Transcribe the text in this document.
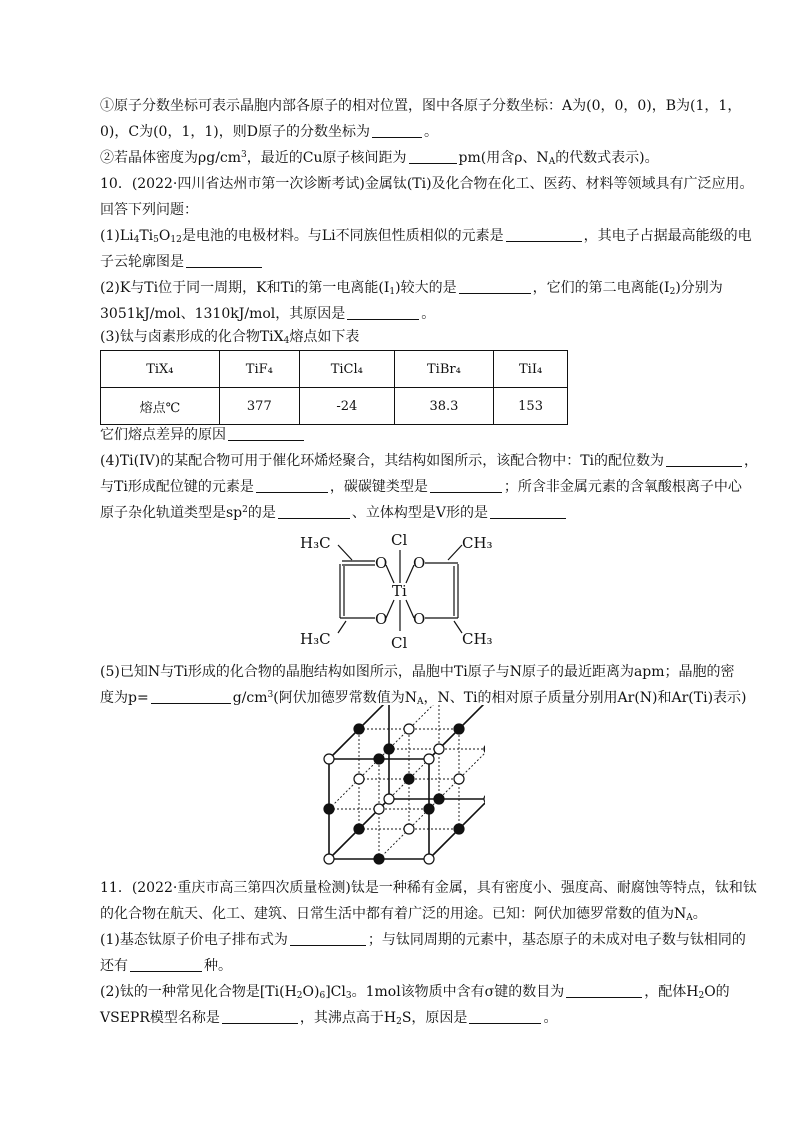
①原子分数坐标可表示晶胞内部各原子的相对位置，图中各原子分数坐标：A为(0，0，0)，B为(1，1，
0)，C为(0，1，1)，则D原子的分数坐标为	。
②若晶体密度为$\rho g/cm^3$，最近的Cu原子核间距为	pm(用含ρ、$N_A$的代数式表示)。
10．(2022·四川省达州市第一次诊断考试)金属钛(Ti)及化合物在化工、医药、材料等领域具有广泛应用。
回答下列问题：
$(1)Li_4Ti_5O_{12}$是电池的电极材料。与Li不同族但性质相似的元素是	，其电子占据最高能级的电
子云轮廓图是
(2)K与Ti位于同一周期，K和Ti的第一电离能$(I_1)$较大的是	，它们的第二电离能$(I_2)$分别为
3051kJ/mol、1310kJ/mol，其原因是	。
(3)钛与卤素形成的化合物TiX$_4$熔点如下表
TiX₄	TiF₄	TiCl₄	TiBr₄	TiI₄
熔点℃	377	-24	38.3	153
它们熔点差异的原因
(4)Ti(IV)的某配合物可用于催化环烯烃聚合，其结构如图所示，该配合物中：Ti的配位数为	，
与Ti形成配位键的元素是	，碳碳键类型是	；所含非金属元素的含氧酸根离子中心
原子杂化轨道类型是$sp^2$的是	、立体构型是V形的是
H₃C	CH₃
H₃C	CH₃
Cl
Cl
Ti
O O
O O
(5)已知N与Ti形成的化合物的晶胞结构如图所示，晶胞中Ti原子与N原子的最近距离为apm；晶胞的密
度为p=	$g/cm^3$(阿伏加德罗常数值为$N_A$，N、Ti的相对原子质量分别用Ar(N)和Ar(Ti)表示)
11．(2022·重庆市高三第四次质量检测)钛是一种稀有金属，具有密度小、强度高、耐腐蚀等特点，钛和钛
的化合物在航天、化工、建筑、日常生活中都有着广泛的用途。已知：阿伏加德罗常数的值为$N_A$。
(1)基态钛原子价电子排布式为	；与钛同周期的元素中，基态原子的未成对电子数与钛相同的
还有	种。
(2)钛的一种常见化合物是$[Ti(H_2O)_6]Cl_3$。1mol该物质中含有σ键的数目为	，配体$H_2O$的
VSEPR模型名称是	，其沸点高于$H_2S$，原因是	。
